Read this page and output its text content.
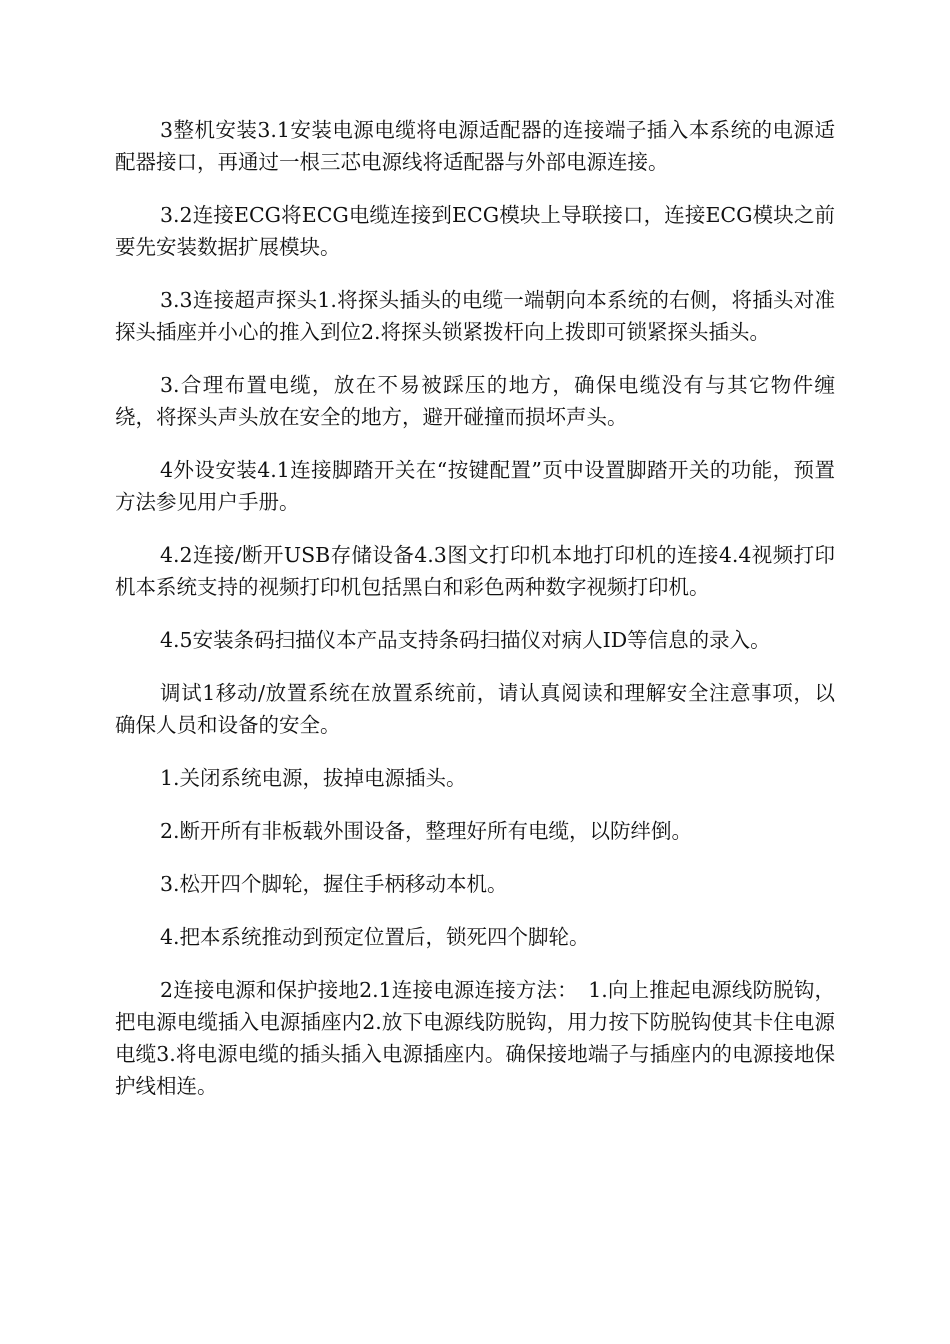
3整机安装3.1安装电源电缆将电源适配器的连接端子插入本系统的电源适配器接口，再通过一根三芯电源线将适配器与外部电源连接。

3.2连接ECG将ECG电缆连接到ECG模块上导联接口，连接ECG模块之前要先安装数据扩展模块。

3.3连接超声探头1.将探头插头的电缆一端朝向本系统的右侧，将插头对准探头插座并小心的推入到位2.将探头锁紧拨杆向上拨即可锁紧探头插头。

3.合理布置电缆，放在不易被踩压的地方，确保电缆没有与其它物件缠绕，将探头声头放在安全的地方，避开碰撞而损坏声头。

4外设安装4.1连接脚踏开关在“按键配置”页中设置脚踏开关的功能，预置方法参见用户手册。

4.2连接/断开USB存储设备4.3图文打印机本地打印机的连接4.4视频打印机本系统支持的视频打印机包括黑白和彩色两种数字视频打印机。

4.5安装条码扫描仪本产品支持条码扫描仪对病人ID等信息的录入。

调试1移动/放置系统在放置系统前，请认真阅读和理解安全注意事项，以确保人员和设备的安全。

1.关闭系统电源，拔掉电源插头。

2.断开所有非板载外围设备，整理好所有电缆，以防绊倒。

3.松开四个脚轮，握住手柄移动本机。

4.把本系统推动到预定位置后，锁死四个脚轮。

2连接电源和保护接地2.1连接电源连接方法：　1.向上推起电源线防脱钩，把电源电缆插入电源插座内2.放下电源线防脱钩，用力按下防脱钩使其卡住电源电缆3.将电源电缆的插头插入电源插座内。确保接地端子与插座内的电源接地保护线相连。
